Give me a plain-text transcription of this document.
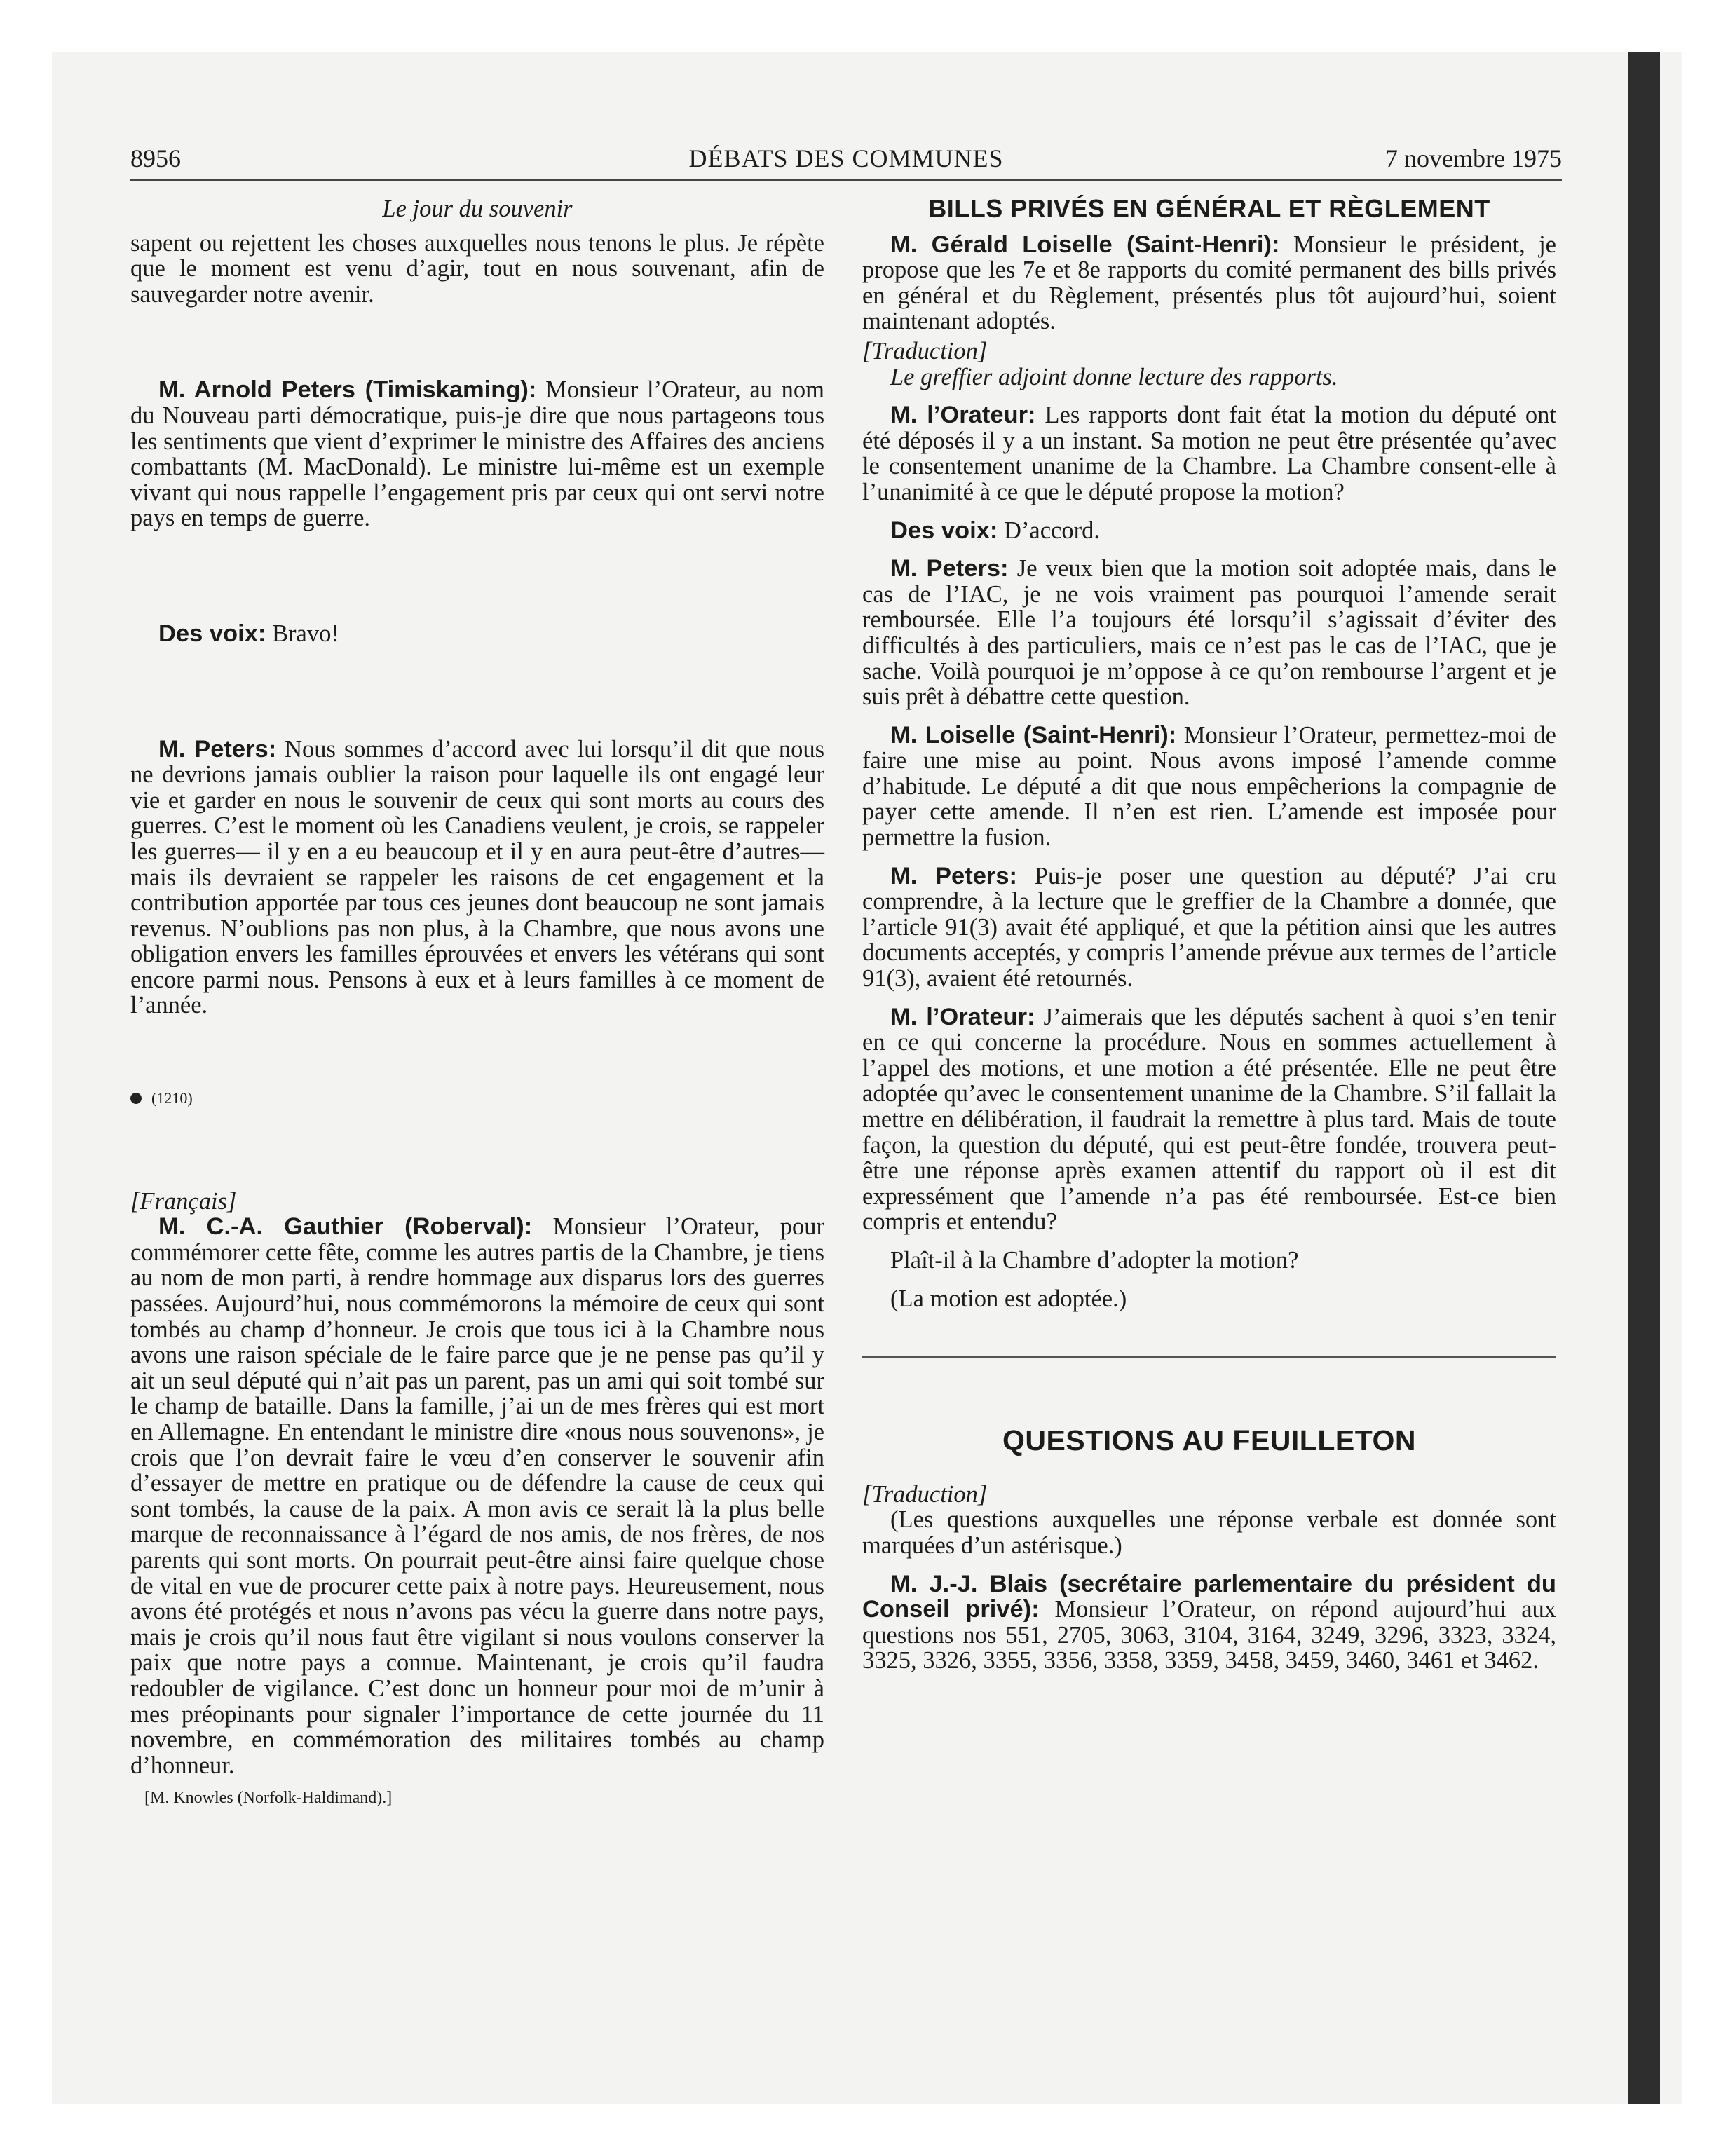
8956	DÉBATS DES COMMUNES	7 novembre 1975

Le jour du souvenir

sapent ou rejettent les choses auxquelles nous tenons le plus. Je répète que le moment est venu d’agir, tout en nous souvenant, afin de sauvegarder notre avenir.

M. Arnold Peters (Timiskaming): Monsieur l’Orateur, au nom du Nouveau parti démocratique, puis-je dire que nous partageons tous les sentiments que vient d’exprimer le ministre des Affaires des anciens combattants (M. MacDonald). Le ministre lui-même est un exemple vivant qui nous rappelle l’engagement pris par ceux qui ont servi notre pays en temps de guerre.

Des voix: Bravo!

M. Peters: Nous sommes d’accord avec lui lorsqu’il dit que nous ne devrions jamais oublier la raison pour laquelle ils ont engagé leur vie et garder en nous le souvenir de ceux qui sont morts au cours des guerres. C’est le moment où les Canadiens veulent, je crois, se rappeler les guerres— il y en a eu beaucoup et il y en aura peut-être d’autres— mais ils devraient se rappeler les raisons de cet engagement et la contribution apportée par tous ces jeunes dont beaucoup ne sont jamais revenus. N’oublions pas non plus, à la Chambre, que nous avons une obligation envers les familles éprouvées et envers les vétérans qui sont encore parmi nous. Pensons à eux et à leurs familles à ce moment de l’année.

(1210)

[Français]

M. C.-A. Gauthier (Roberval): Monsieur l’Orateur, pour commémorer cette fête, comme les autres partis de la Chambre, je tiens au nom de mon parti, à rendre hommage aux disparus lors des guerres passées. Aujourd’hui, nous commémorons la mémoire de ceux qui sont tombés au champ d’honneur. Je crois que tous ici à la Chambre nous avons une raison spéciale de le faire parce que je ne pense pas qu’il y ait un seul député qui n’ait pas un parent, pas un ami qui soit tombé sur le champ de bataille. Dans la famille, j’ai un de mes frères qui est mort en Allemagne. En entendant le ministre dire «nous nous souvenons», je crois que l’on devrait faire le vœu d’en conserver le souvenir afin d’essayer de mettre en pratique ou de défendre la cause de ceux qui sont tombés, la cause de la paix. A mon avis ce serait là la plus belle marque de reconnaissance à l’égard de nos amis, de nos frères, de nos parents qui sont morts. On pourrait peut-être ainsi faire quelque chose de vital en vue de procurer cette paix à notre pays. Heureusement, nous avons été protégés et nous n’avons pas vécu la guerre dans notre pays, mais je crois qu’il nous faut être vigilant si nous voulons conserver la paix que notre pays a connue. Maintenant, je crois qu’il faudra redoubler de vigilance. C’est donc un honneur pour moi de m’unir à mes préopinants pour signaler l’importance de cette journée du 11 novembre, en commémoration des militaires tombés au champ d’honneur.

[M. Knowles (Norfolk-Haldimand).]

BILLS PRIVÉS EN GÉNÉRAL ET RÈGLEMENT

M. Gérald Loiselle (Saint-Henri): Monsieur le président, je propose que les 7e et 8e rapports du comité permanent des bills privés en général et du Règlement, présentés plus tôt aujourd’hui, soient maintenant adoptés.

[Traduction]

Le greffier adjoint donne lecture des rapports.

M. l’Orateur: Les rapports dont fait état la motion du député ont été déposés il y a un instant. Sa motion ne peut être présentée qu’avec le consentement unanime de la Chambre. La Chambre consent-elle à l’unanimité à ce que le député propose la motion?

Des voix: D’accord.

M. Peters: Je veux bien que la motion soit adoptée mais, dans le cas de l’IAC, je ne vois vraiment pas pourquoi l’amende serait remboursée. Elle l’a toujours été lorsqu’il s’agissait d’éviter des difficultés à des particuliers, mais ce n’est pas le cas de l’IAC, que je sache. Voilà pourquoi je m’oppose à ce qu’on rembourse l’argent et je suis prêt à débattre cette question.

M. Loiselle (Saint-Henri): Monsieur l’Orateur, permettez-moi de faire une mise au point. Nous avons imposé l’amende comme d’habitude. Le député a dit que nous empêcherions la compagnie de payer cette amende. Il n’en est rien. L’amende est imposée pour permettre la fusion.

M. Peters: Puis-je poser une question au député? J’ai cru comprendre, à la lecture que le greffier de la Chambre a donnée, que l’article 91(3) avait été appliqué, et que la pétition ainsi que les autres documents acceptés, y compris l’amende prévue aux termes de l’article 91(3), avaient été retournés.

M. l’Orateur: J’aimerais que les députés sachent à quoi s’en tenir en ce qui concerne la procédure. Nous en sommes actuellement à l’appel des motions, et une motion a été présentée. Elle ne peut être adoptée qu’avec le consentement unanime de la Chambre. S’il fallait la mettre en délibération, il faudrait la remettre à plus tard. Mais de toute façon, la question du député, qui est peut-être fondée, trouvera peut-être une réponse après examen attentif du rapport où il est dit expressément que l’amende n’a pas été remboursée. Est-ce bien compris et entendu?

Plaît-il à la Chambre d’adopter la motion?

(La motion est adoptée.)

QUESTIONS AU FEUILLETON

[Traduction]

(Les questions auxquelles une réponse verbale est donnée sont marquées d’un astérisque.)

M. J.-J. Blais (secrétaire parlementaire du président du Conseil privé): Monsieur l’Orateur, on répond aujourd’hui aux questions nos 551, 2705, 3063, 3104, 3164, 3249, 3296, 3323, 3324, 3325, 3326, 3355, 3356, 3358, 3359, 3458, 3459, 3460, 3461 et 3462.
